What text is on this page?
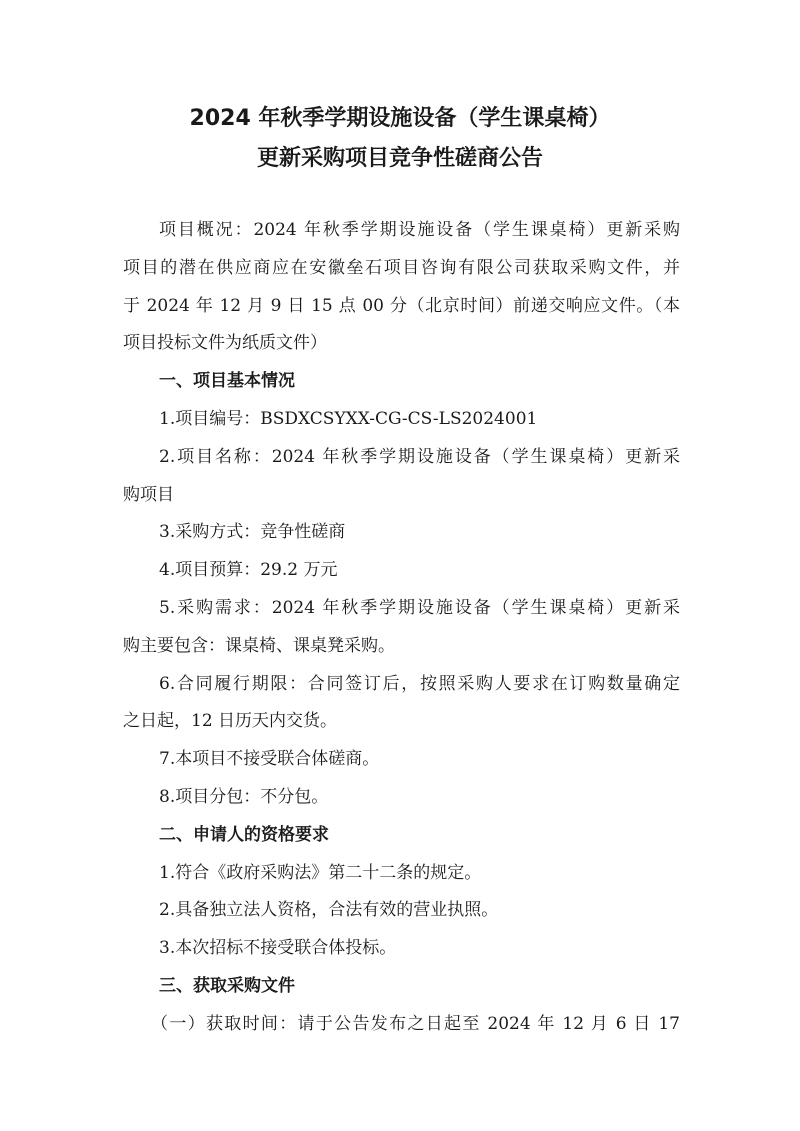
2024 年秋季学期设施设备（学生课桌椅）
更新采购项目竞争性磋商公告
项目概况：2024 年秋季学期设施设备（学生课桌椅）更新采购
项目的潜在供应商应在安徽垒石项目咨询有限公司获取采购文件，并
于 2024 年 12 月 9 日 15 点 00 分（北京时间）前递交响应文件。（本
项目投标文件为纸质文件）
一、项目基本情况
1.项目编号：BSDXCSYXX-CG-CS-LS2024001
2.项目名称：2024 年秋季学期设施设备（学生课桌椅）更新采
购项目
3.采购方式：竞争性磋商
4.项目预算：29.2 万元
5.采购需求：2024 年秋季学期设施设备（学生课桌椅）更新采
购主要包含：课桌椅、课桌凳采购。
6.合同履行期限：合同签订后，按照采购人要求在订购数量确定
之日起，12 日历天内交货。
7.本项目不接受联合体磋商。
8.项目分包：不分包。
二、申请人的资格要求
1.符合《政府采购法》第二十二条的规定。
2.具备独立法人资格，合法有效的营业执照。
3.本次招标不接受联合体投标。
三、获取采购文件
（一）获取时间：请于公告发布之日起至 2024 年 12 月 6 日 17
